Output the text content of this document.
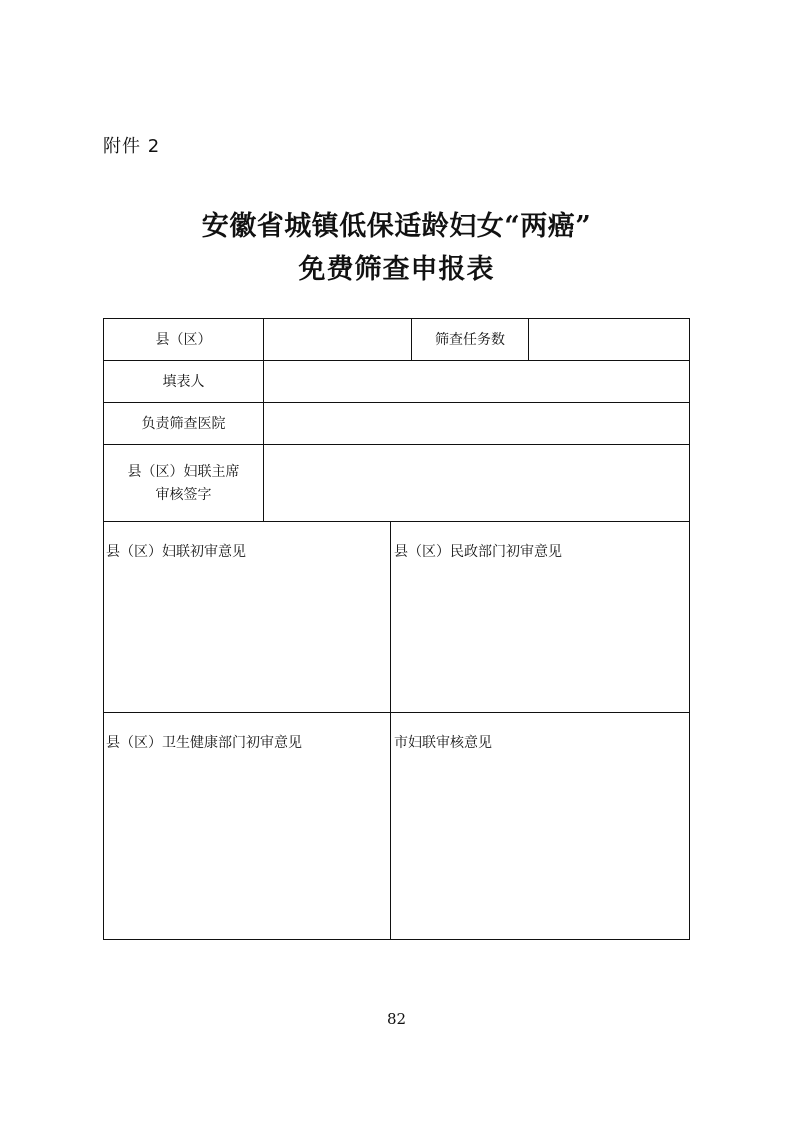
附件 2
安徽省城镇低保适龄妇女“两癌”
免费筛查申报表
县（区）	筛查任务数
填表人
负责筛查医院
县（区）妇联主席
审核签字
县（区）妇联初审意见	县（区）民政部门初审意见
县（区）卫生健康部门初审意见	市妇联审核意见
82
